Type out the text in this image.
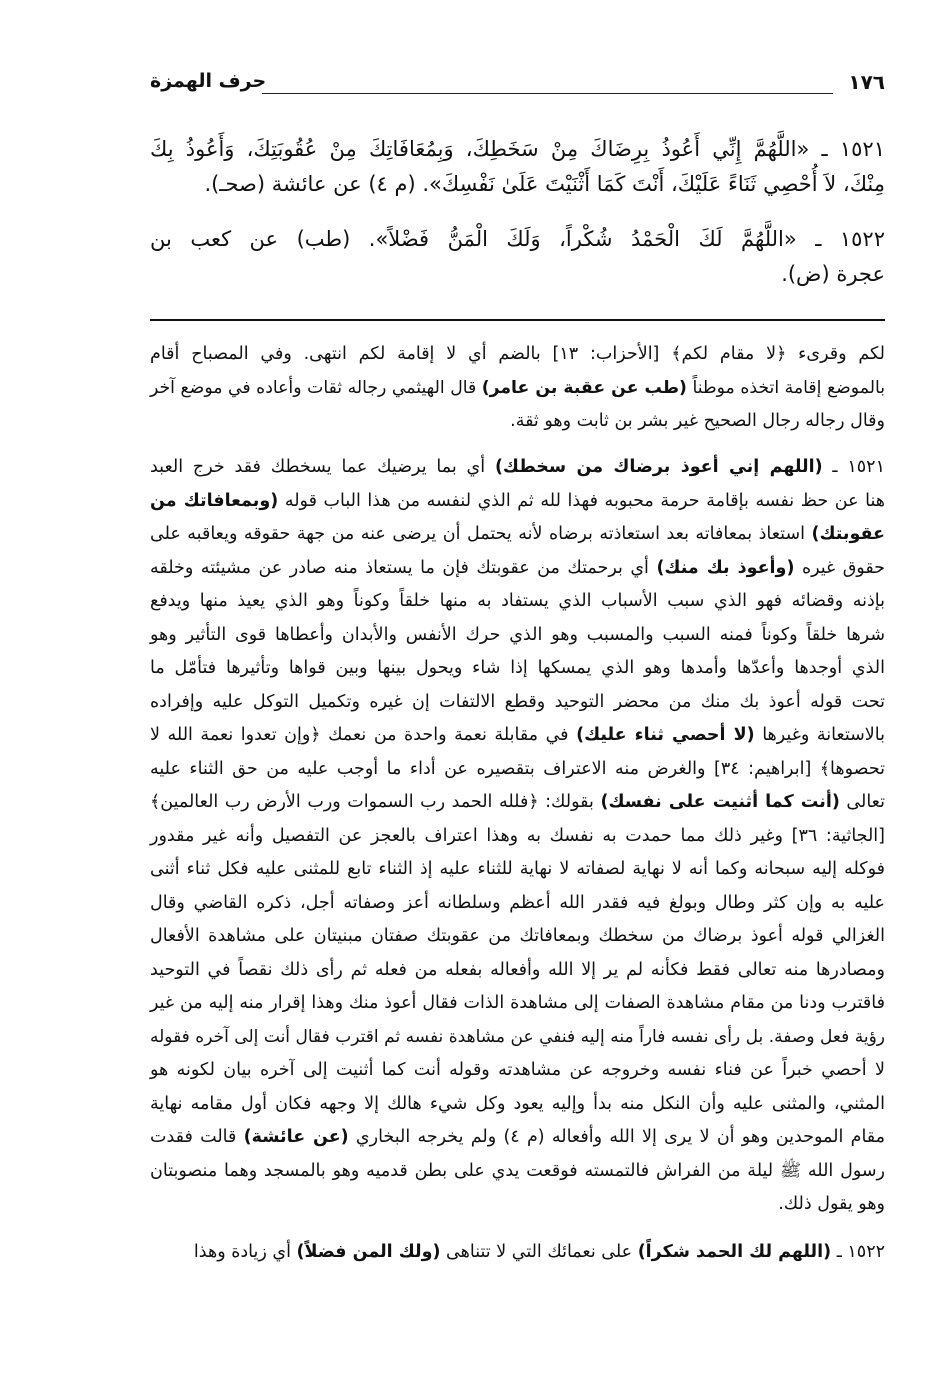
١٧٦
حرف الهمزة
١٥٢١ ـ «اللَّهُمَّ إِنِّي أَعُوذُ بِرِضَاكَ مِنْ سَخَطِكَ، وَبِمُعَافَاتِكَ مِنْ عُقُوبَتِكَ، وَأَعُوذُ بِكَ
مِنْكَ، لاَ أُحْصِي ثَنَاءً عَلَيْكَ، أَنْتَ كَمَا أَثْنَيْتَ عَلَىٰ نَفْسِكَ». (م ٤) عن عائشة (صحـ).
١٥٢٢ ـ «اللَّهُمَّ لَكَ الْحَمْدُ شُكْراً، وَلَكَ الْمَنُّ فَضْلاً». (طب) عن كعب بن
عجرة (ض).
لكم وقرىء ﴿لا مقام لكم﴾ [الأحزاب: ١٣] بالضم أي لا إقامة لكم انتهى. وفي المصباح أقام
بالموضع إقامة اتخذه موطناً (طب عن عقبة بن عامر) قال الهيثمي رجاله ثقات وأعاده في موضع آخر
وقال رجاله رجال الصحيح غير بشر بن ثابت وهو ثقة.
١٥٢١ ـ (اللهم إني أعوذ برضاك من سخطك) أي بما يرضيك عما يسخطك فقد خرج العبد
هنا عن حظ نفسه بإقامة حرمة محبوبه فهذا لله ثم الذي لنفسه من هذا الباب قوله (وبمعافاتك من
عقوبتك) استعاذ بمعافاته بعد استعاذته برضاه لأنه يحتمل أن يرضى عنه من جهة حقوقه ويعاقبه على
حقوق غيره (وأعوذ بك منك) أي برحمتك من عقوبتك فإن ما يستعاذ منه صادر عن مشيئته وخلقه
بإذنه وقضائه فهو الذي سبب الأسباب الذي يستفاد به منها خلقاً وكوناً وهو الذي يعيذ منها ويدفع
شرها خلقاً وكوناً فمنه السبب والمسبب وهو الذي حرك الأنفس والأبدان وأعطاها قوى التأثير وهو
الذي أوجدها وأعدّها وأمدها وهو الذي يمسكها إذا شاء ويحول بينها وبين قواها وتأثيرها فتأمّل ما
تحت قوله أعوذ بك منك من محضر التوحيد وقطع الالتفات إن غيره وتكميل التوكل عليه وإفراده
بالاستعانة وغيرها (لا أحصي ثناء عليك) في مقابلة نعمة واحدة من نعمك ﴿وإن تعدوا نعمة الله لا
تحصوها﴾ [ابراهيم: ٣٤] والغرض منه الاعتراف بتقصيره عن أداء ما أوجب عليه من حق الثناء عليه
تعالى (أنت كما أثنيت على نفسك) بقولك: ﴿فلله الحمد رب السموات ورب الأرض رب العالمين﴾
[الجاثية: ٣٦] وغير ذلك مما حمدت به نفسك به وهذا اعتراف بالعجز عن التفصيل وأنه غير مقدور
فوكله إليه سبحانه وكما أنه لا نهاية لصفاته لا نهاية للثناء عليه إذ الثناء تابع للمثنى عليه فكل ثناء أثنى
عليه به وإن كثر وطال وبولغ فيه فقدر الله أعظم وسلطانه أعز وصفاته أجل، ذكره القاضي وقال
الغزالي قوله أعوذ برضاك من سخطك وبمعافاتك من عقوبتك صفتان مبنيتان على مشاهدة الأفعال
ومصادرها منه تعالى فقط فكأنه لم ير إلا الله وأفعاله بفعله من فعله ثم رأى ذلك نقصاً في التوحيد
فاقترب ودنا من مقام مشاهدة الصفات إلى مشاهدة الذات فقال أعوذ منك وهذا إقرار منه إليه من غير
رؤية فعل وصفة. بل رأى نفسه فاراً منه إليه فنفي عن مشاهدة نفسه ثم اقترب فقال أنت إلى آخره فقوله
لا أحصي خبراً عن فناء نفسه وخروجه عن مشاهدته وقوله أنت كما أثنيت إلى آخره بيان لكونه هو
المثني، والمثنى عليه وأن النكل منه بدأ وإليه يعود وكل شيء هالك إلا وجهه فكان أول مقامه نهاية
مقام الموحدين وهو أن لا يرى إلا الله وأفعاله (م ٤) ولم يخرجه البخاري (عن عائشة) قالت فقدت
رسول الله ﷺ ليلة من الفراش فالتمسته فوقعت يدي على بطن قدميه وهو بالمسجد وهما منصوبتان
وهو يقول ذلك.
١٥٢٢ ـ (اللهم لك الحمد شكراً) على نعمائك التي لا تتناهى (ولك المن فضلاً) أي زيادة وهذا
